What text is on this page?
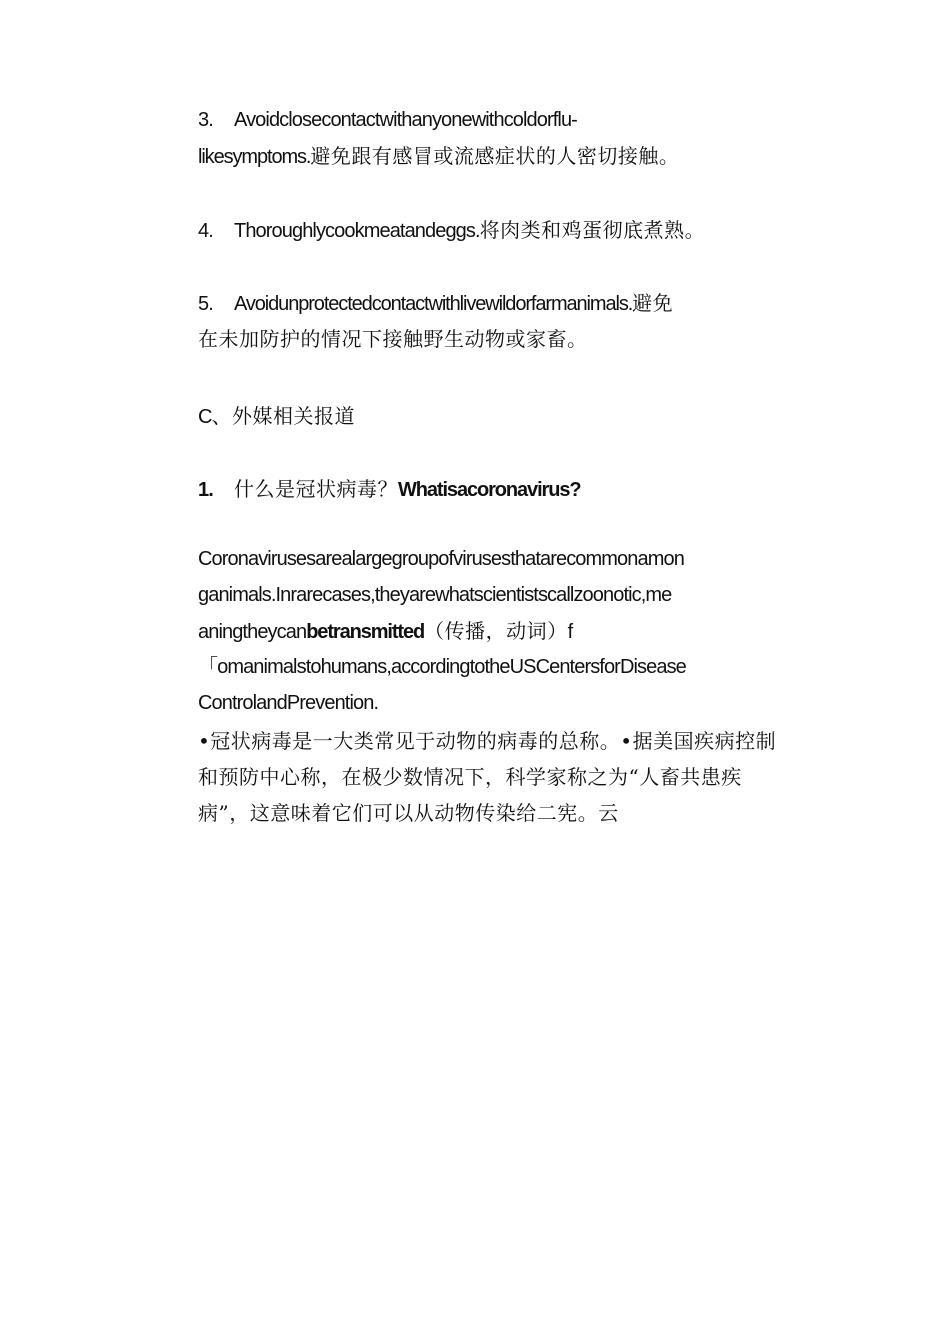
3. Avoidclosecontactwithanyonewithcoldorflu-
likesymptoms.避免跟有感冒或流感症状的人密切接触。

4. Thoroughlycookmeatandeggs.将肉类和鸡蛋彻底煮熟。

5. Avoidunprotectedcontactwithlivewildorfarmanimals.避免
在未加防护的情况下接触野生动物或家畜。

C、外媒相关报道

1. 什么是冠状病毒？Whatisacoronavirus?

Coronavirusesarealargegroupofvirusesthatarecommonamon
ganimals.Inrarecases,theyarewhatscientistscallzoonotic,me
aningtheycanbetransmitted（传播，动词）f
「omanimalstohumans,accordingtotheUSCentersforDisease
ControlandPrevention.

•冠状病毒是一大类常见于动物的病毒的总称。•据美国疾病控制
和预防中心称，在极少数情况下，科学家称之为“人畜共患疾
病”，这意味着它们可以从动物传染给二宪。云
